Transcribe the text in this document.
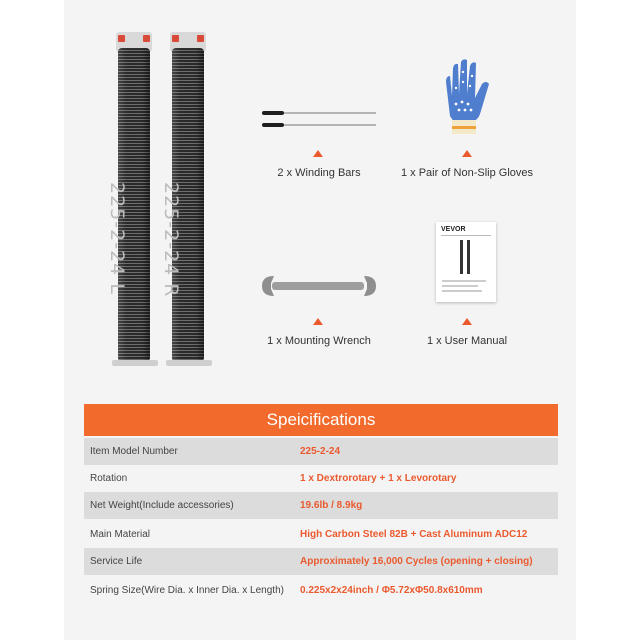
225-2-24 L 225-2-24 R
2 x Winding Bars	1 x Pair of Non-Slip Gloves
1 x Mounting Wrench
VEVOR
1 x User Manual
Speicifications
Item Model Number	225-2-24
Rotation	1 x Dextrorotary + 1 x Levorotary
Net Weight(Include accessories)	19.6lb / 8.9kg
Main Material	High Carbon Steel 82B + Cast Aluminum ADC12
Service Life	Approximately 16,000 Cycles (opening + closing)
Spring Size(Wire Dia. x Inner Dia. x Length)	0.225x2x24inch / Φ5.72xΦ50.8x610mm
